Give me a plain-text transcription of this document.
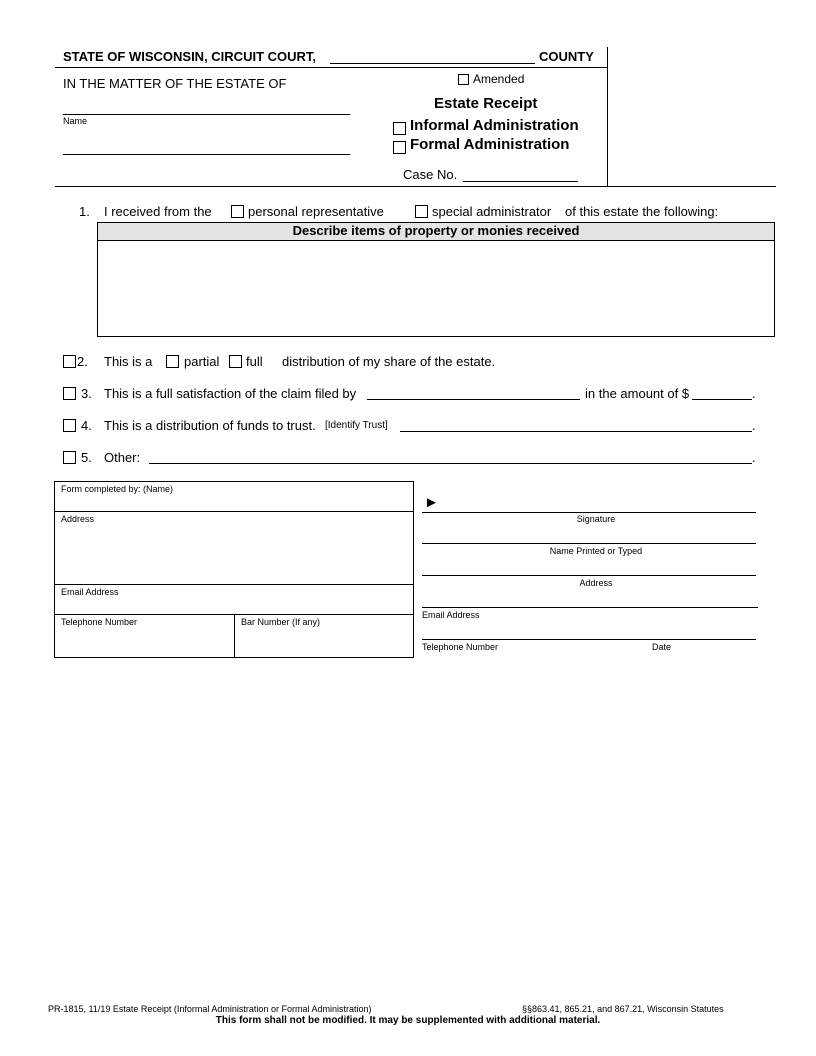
STATE OF WISCONSIN, CIRCUIT COURT,	COUNTY
IN THE MATTER OF THE ESTATE OF
Name
Amended
Estate Receipt
Informal Administration
Formal Administration
Case No.
1. I received from the	personal representative	special administrator of this estate the following:
Describe items of property or monies received
2. This is a partial full distribution of my share of the estate.
3. This is a full satisfaction of the claim filed by	in the amount of $	.
4. This is a distribution of funds to trust. [Identify Trust]	.
5. Other:	.
Form completed by: (Name)
Address
Email Address
Telephone Number	Bar Number (If any)
►
Signature
Name Printed or Typed
Address
Email Address
Telephone Number	Date
PR-1815, 11/19 Estate Receipt (Informal Administration or Formal Administration)	§§863.41, 865.21, and 867.21, Wisconsin Statutes
This form shall not be modified. It may be supplemented with additional material.
